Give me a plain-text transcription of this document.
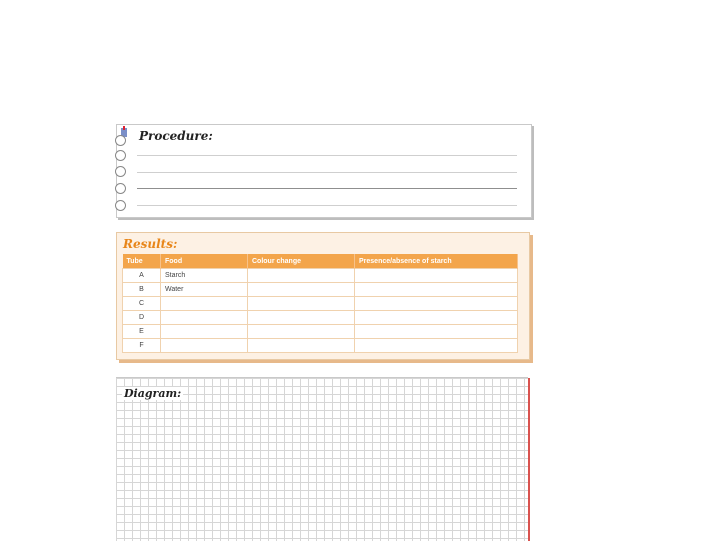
Procedure:
Results:
Tube	Food	Colour change	Presence/absence of starch
A	Starch		
B	Water		
C			
D			
E			
F			
Diagram:
